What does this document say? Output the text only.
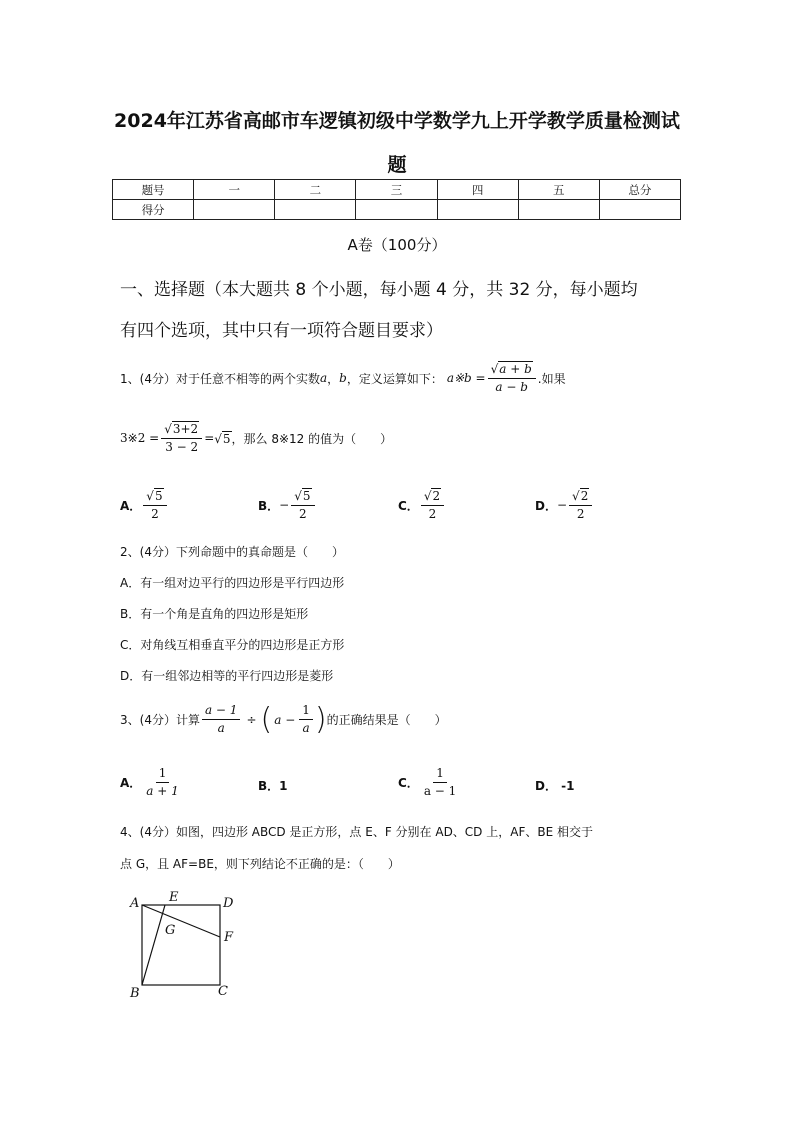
2024年江苏省高邮市车逻镇初级中学数学九上开学教学质量检测试
题
题号	一	二	三	四	五	总分
得分						
A卷（100分）
一、选择题（本大题共 8 个小题，每小题 4 分，共 32 分，每小题均
有四个选项，其中只有一项符合题目要求）
1、(4分）对于任意不相等的两个实数 a ， b ，定义运算如下： a※b = $\frac{√a + b}{a - b}$ .如果
3※2 = $\frac{√3+2}{3 - 2} = √5$ ，那么 8※12 的值为（　　）
A． $\frac{√5}{2}$	B． − $\frac{√5}{2}$	C． $\frac{√2}{2}$	D． − $\frac{√2}{2}$
2、(4分）下列命题中的真命题是（　　）
A．有一组对边平行的四边形是平行四边形
B．有一个角是直角的四边形是矩形
C．对角线互相垂直平分的四边形是正方形
D．有一组邻边相等的平行四边形是菱形
3、(4分）计算 $\frac{a - 1}{a}$ ÷ ( $a - \frac{1}{a}$ ) 的正确结果是（　　）
A． $\frac{1}{a + 1}$	B．1	C． $\frac{1}{a - 1}$	D． -1
4、(4分）如图，四边形 ABCD 是正方形，点 E、F 分别在 AD、CD 上，AF、BE 相交于
点 G，且 AF=BE，则下列结论不正确的是：（　　）
A
B	C
D
E
F
G
